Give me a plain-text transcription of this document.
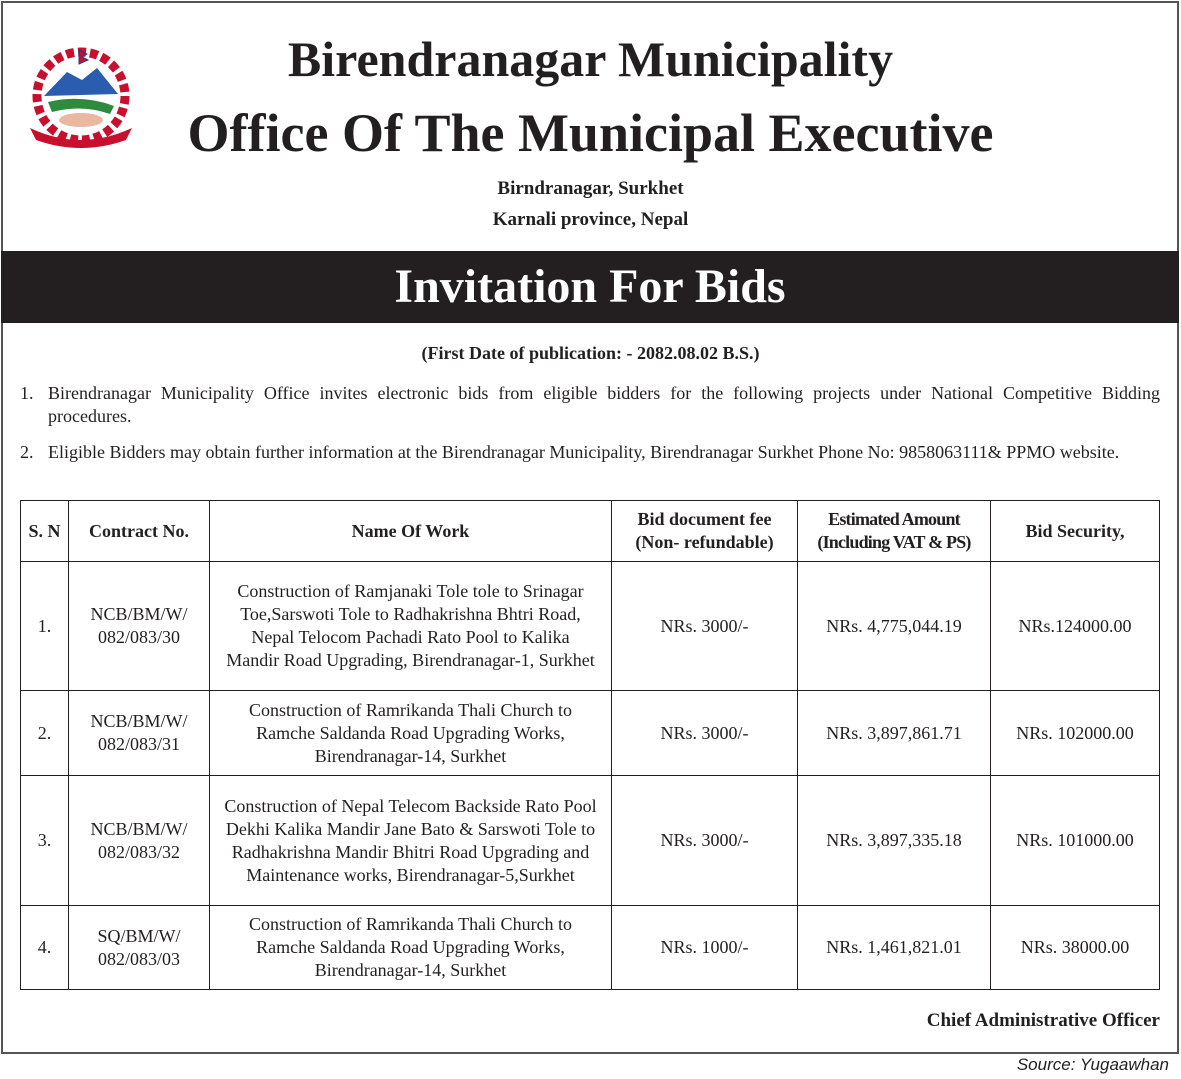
Birendranagar Municipality
Office Of The Municipal Executive
Birndranagar, Surkhet
Karnali province, Nepal
Invitation For Bids
(First Date of publication: - 2082.08.02 B.S.)
1. Birendranagar Municipality Office invites electronic bids from eligible bidders for the following projects under National Competitive Bidding procedures.
2. Eligible Bidders may obtain further information at the Birendranagar Municipality, Birendranagar Surkhet Phone No: 9858063111& PPMO website.
S. N	Contract No.	Name Of Work	Bid document fee (Non- refundable)	Estimated Amount (Including VAT & PS)	Bid Security,
1.	NCB/BM/W/ 082/083/30	Construction of Ramjanaki Tole tole to Srinagar Toe,Sarswoti Tole to Radhakrishna Bhtri Road, Nepal Telocom Pachadi Rato Pool to Kalika Mandir Road Upgrading, Birendranagar-1, Surkhet	NRs. 3000/-	NRs. 4,775,044.19	NRs.124000.00
2.	NCB/BM/W/ 082/083/31	Construction of Ramrikanda Thali Church to Ramche Saldanda Road Upgrading Works, Birendranagar-14, Surkhet	NRs. 3000/-	NRs. 3,897,861.71	NRs. 102000.00
3.	NCB/BM/W/ 082/083/32	Construction of Nepal Telecom Backside Rato Pool Dekhi Kalika Mandir Jane Bato & Sarswoti Tole to Radhakrishna Mandir Bhitri Road Upgrading and Maintenance works, Birendranagar-5,Surkhet	NRs. 3000/-	NRs. 3,897,335.18	NRs. 101000.00
4.	SQ/BM/W/ 082/083/03	Construction of Ramrikanda Thali Church to Ramche Saldanda Road Upgrading Works, Birendranagar-14, Surkhet	NRs. 1000/-	NRs. 1,461,821.01	NRs. 38000.00
Chief Administrative Officer
Source: Yugaawhan
